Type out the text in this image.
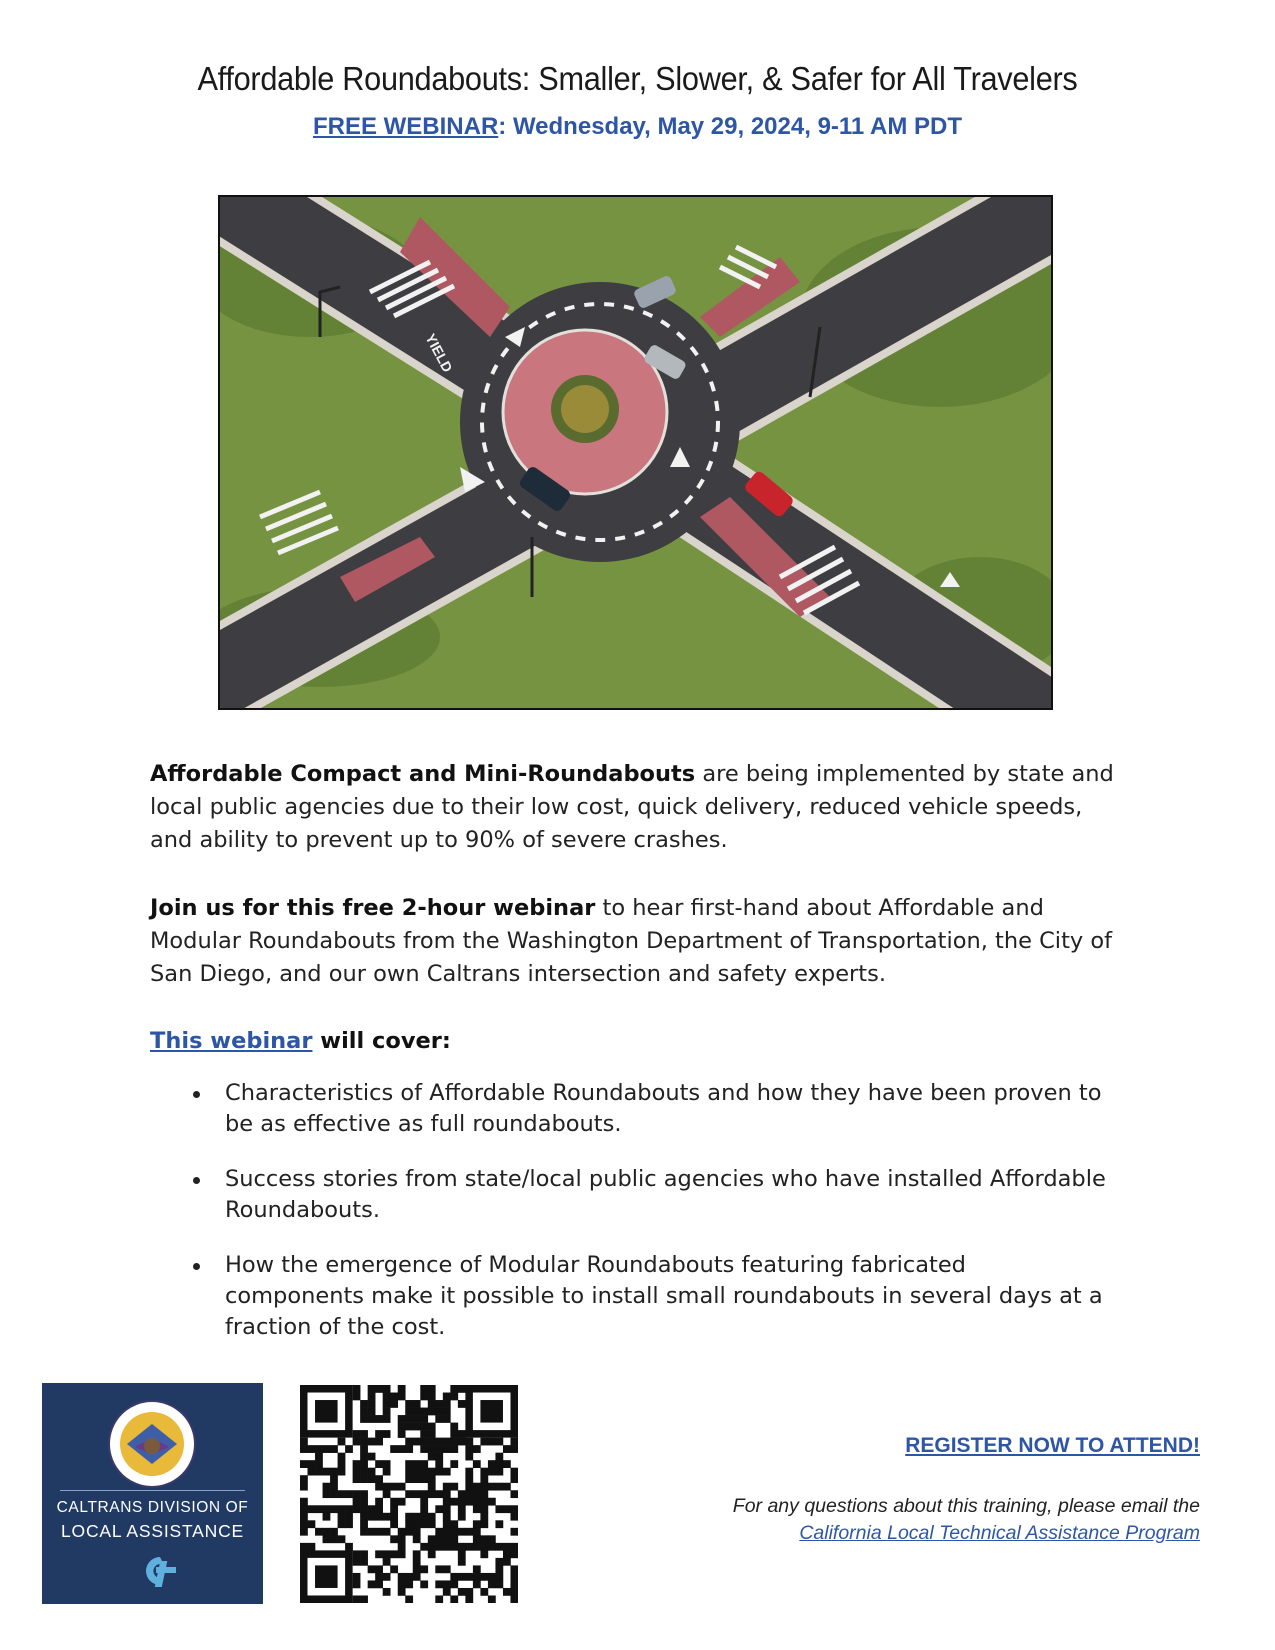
Affordable Roundabouts: Smaller, Slower, & Safer for All Travelers
FREE WEBINAR: Wednesday, May 29, 2024, 9-11 AM PDT
YIELD
Affordable Compact and Mini-Roundabouts are being implemented by state and local public agencies due to their low cost, quick delivery, reduced vehicle speeds, and ability to prevent up to 90% of severe crashes.
Join us for this free 2-hour webinar to hear first-hand about Affordable and Modular Roundabouts from the Washington Department of Transportation, the City of San Diego, and our own Caltrans intersection and safety experts.
This webinar will cover:
Characteristics of Affordable Roundabouts and how they have been proven to be as effective as full roundabouts.
Success stories from state/local public agencies who have installed Affordable Roundabouts.
How the emergence of Modular Roundabouts featuring fabricated components make it possible to install small roundabouts in several days at a fraction of the cost.
CALTRANS DIVISION OF
LOCAL ASSISTANCE
REGISTER NOW TO ATTEND!
For any questions about this training, please email the
California Local Technical Assistance Program
